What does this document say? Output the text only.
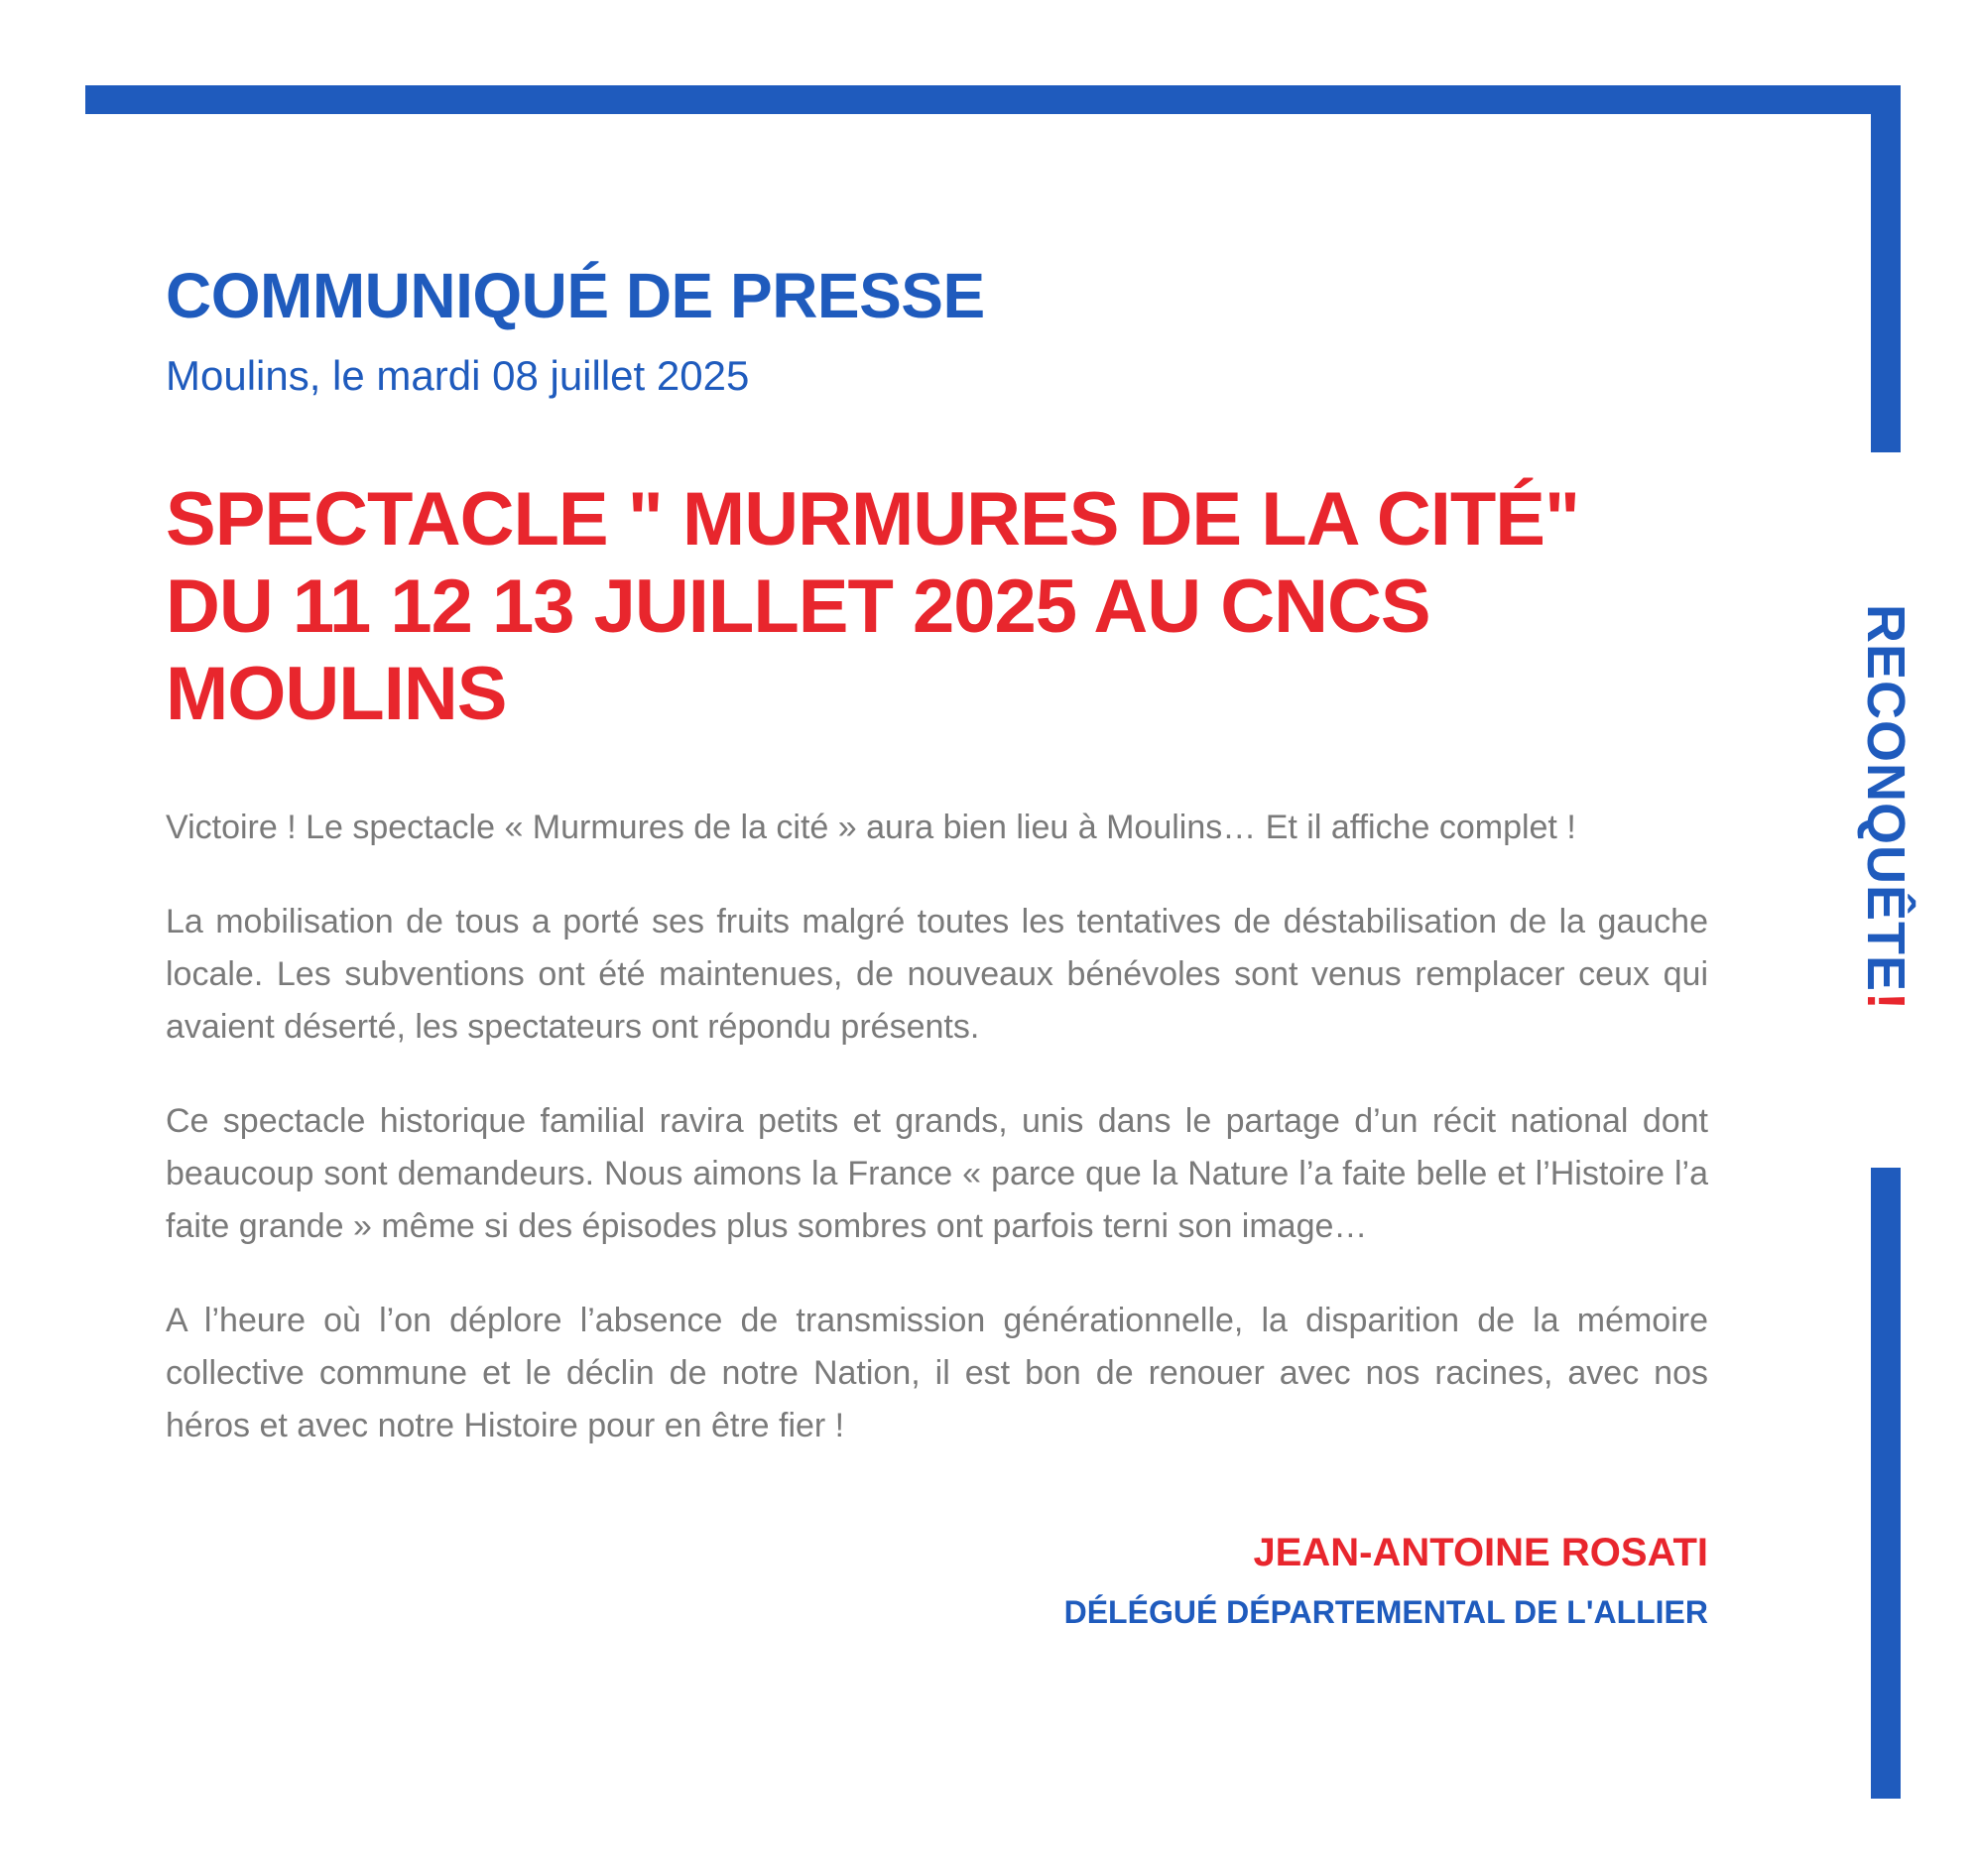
RECONQUÊTE
!
COMMUNIQUÉ DE PRESSE
Moulins, le mardi 08 juillet 2025
SPECTACLE " MURMURES DE LA CITÉ"
DU 11 12 13 JUILLET 2025 AU CNCS
MOULINS

Victoire ! Le spectacle « Murmures de la cité » aura bien lieu à Moulins… Et il affiche complet !

La mobilisation de tous a porté ses fruits malgré toutes les tentatives de déstabilisation de la gauche locale. Les subventions ont été maintenues, de nouveaux bénévoles sont venus remplacer ceux qui avaient déserté, les spectateurs ont répondu présents.

Ce spectacle historique familial ravira petits et grands, unis dans le partage d’un récit national dont beaucoup sont demandeurs. Nous aimons la France « parce que la Nature l’a faite belle et l’Histoire l’a faite grande » même si des épisodes plus sombres ont parfois terni son image…

A l’heure où l’on déplore l’absence de transmission générationnelle, la disparition de la mémoire collective commune et le déclin de notre Nation, il est bon de renouer avec nos racines, avec nos héros et avec notre Histoire pour en être fier !

JEAN-ANTOINE ROSATI
DÉLÉGUÉ DÉPARTEMENTAL DE L'ALLIER
